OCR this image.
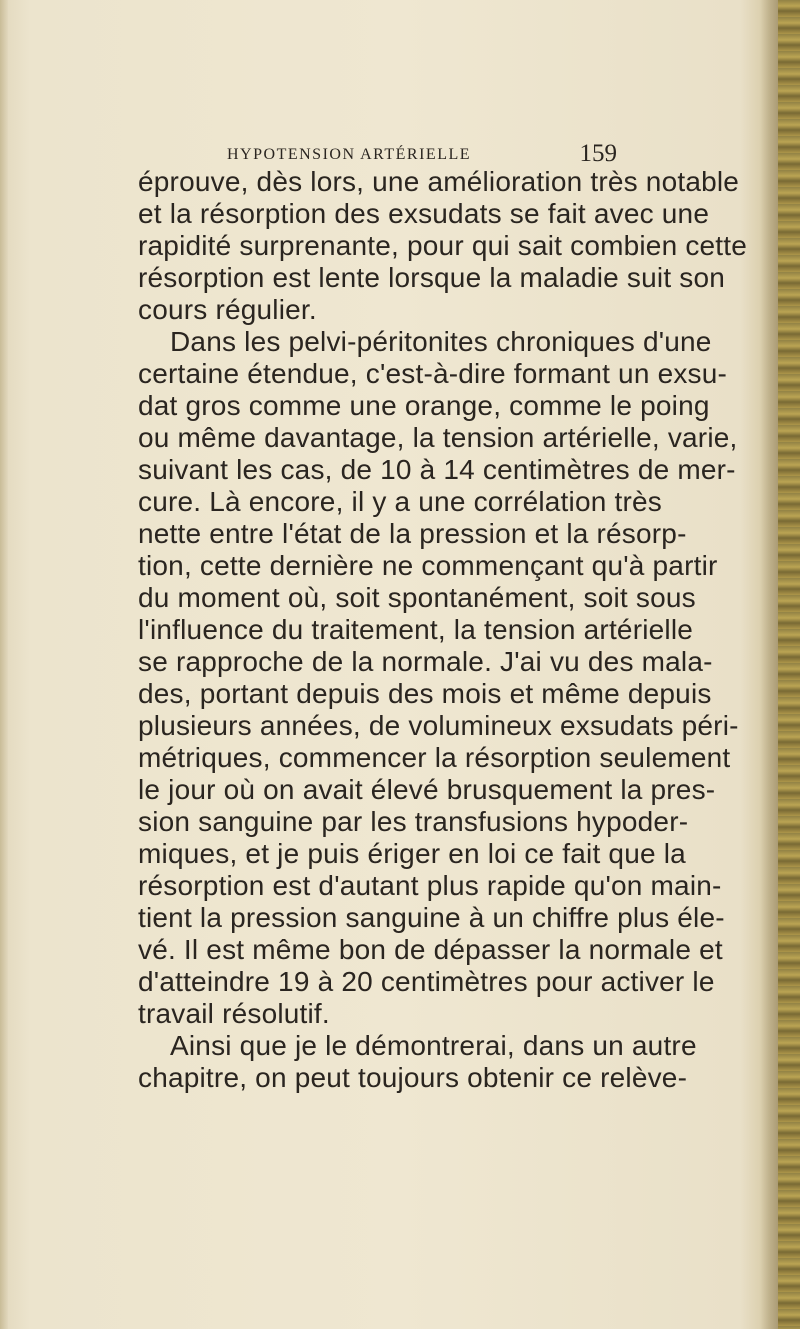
HYPOTENSION ARTÉRIELLE	159
éprouve, dès lors, une amélioration très notable
et la résorption des exsudats se fait avec une
rapidité surprenante, pour qui sait combien cette
résorption est lente lorsque la maladie suit son
cours régulier.
Dans les pelvi-péritonites chroniques d'une
certaine étendue, c'est-à-dire formant un exsu-
dat gros comme une orange, comme le poing
ou même davantage, la tension artérielle, varie,
suivant les cas, de 10 à 14 centimètres de mer-
cure. Là encore, il y a une corrélation très
nette entre l'état de la pression et la résorp-
tion, cette dernière ne commençant qu'à partir
du moment où, soit spontanément, soit sous
l'influence du traitement, la tension artérielle
se rapproche de la normale. J'ai vu des mala-
des, portant depuis des mois et même depuis
plusieurs années, de volumineux exsudats péri-
métriques, commencer la résorption seulement
le jour où on avait élevé brusquement la pres-
sion sanguine par les transfusions hypoder-
miques, et je puis ériger en loi ce fait que la
résorption est d'autant plus rapide qu'on main-
tient la pression sanguine à un chiffre plus éle-
vé. Il est même bon de dépasser la normale et
d'atteindre 19 à 20 centimètres pour activer le
travail résolutif.
Ainsi que je le démontrerai, dans un autre
chapitre, on peut toujours obtenir ce relève-
